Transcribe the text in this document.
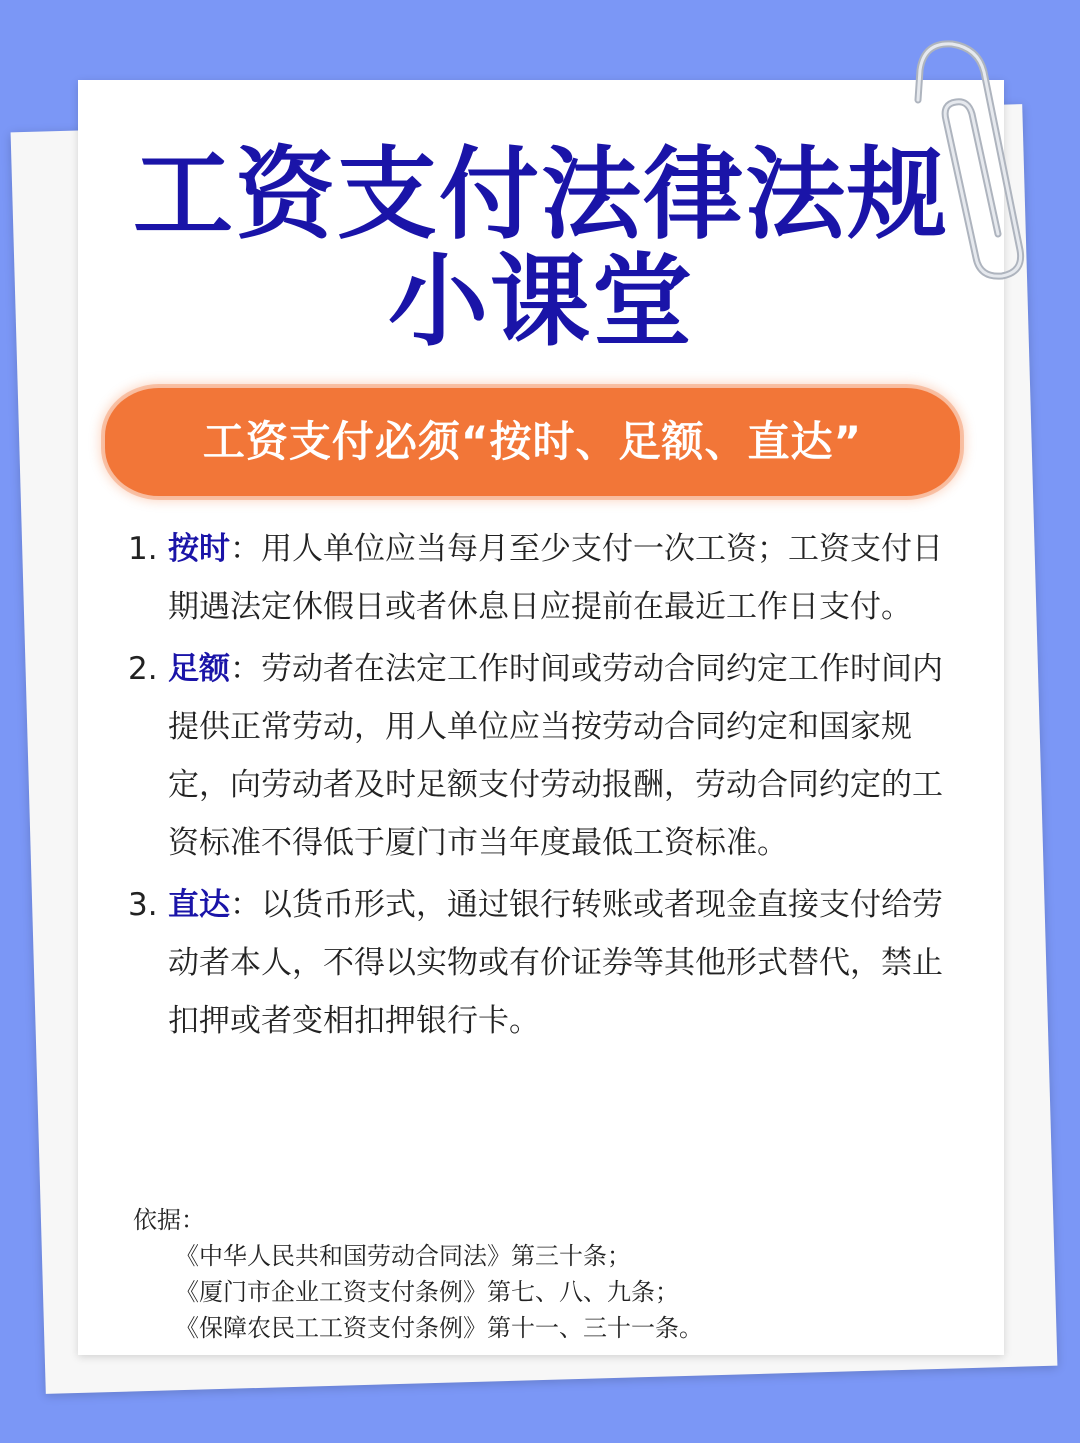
工资支付法律法规
小课堂
工资支付必须“按时、足额、直达”
1. 按时：用人单位应当每月至少支付一次工资；工资支付日期遇法定休假日或者休息日应提前在最近工作日支付。
2. 足额：劳动者在法定工作时间或劳动合同约定工作时间内提供正常劳动，用人单位应当按劳动合同约定和国家规定，向劳动者及时足额支付劳动报酬，劳动合同约定的工资标准不得低于厦门市当年度最低工资标准。
3. 直达：以货币形式，通过银行转账或者现金直接支付给劳动者本人，不得以实物或有价证券等其他形式替代，禁止扣押或者变相扣押银行卡。
依据：
《中华人民共和国劳动合同法》第三十条；
《厦门市企业工资支付条例》第七、八、九条；
《保障农民工工资支付条例》第十一、三十一条。
